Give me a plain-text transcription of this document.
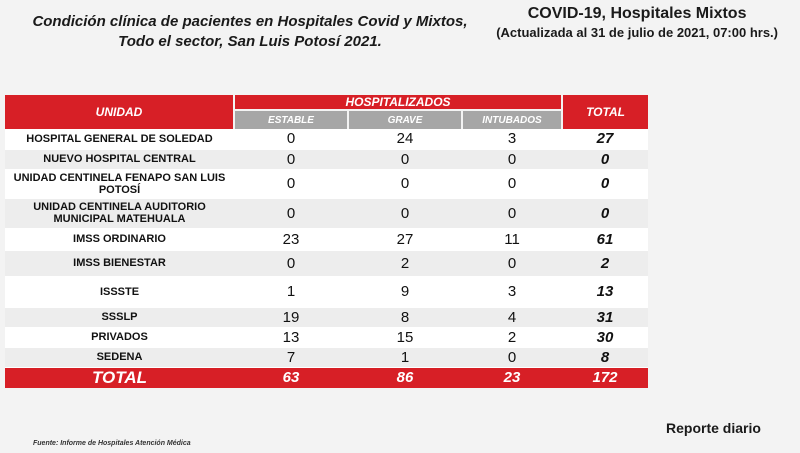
Condición clínica de pacientes en Hospitales Covid y Mixtos,
Todo el sector, San Luis Potosí 2021.
COVID-19, Hospitales Mixtos
(Actualizada al 31 de julio de 2021, 07:00 hrs.)
UNIDAD	HOSPITALIZADOS			TOTAL
	ESTABLE	GRAVE	INTUBADOS	
HOSPITAL GENERAL DE SOLEDAD	0	24	3	27
NUEVO HOSPITAL CENTRAL	0	0	0	0
UNIDAD CENTINELA FENAPO SAN LUIS POTOSÍ	0	0	0	0
UNIDAD CENTINELA AUDITORIO MUNICIPAL MATEHUALA	0	0	0	0
IMSS ORDINARIO	23	27	11	61
IMSS BIENESTAR	0	2	0	2
ISSSTE	1	9	3	13
SSSLP	19	8	4	31
PRIVADOS	13	15	2	30
SEDENA	7	1	0	8
TOTAL	63	86	23	172
Reporte diario
Fuente: Informe de Hospitales Atención Médica
